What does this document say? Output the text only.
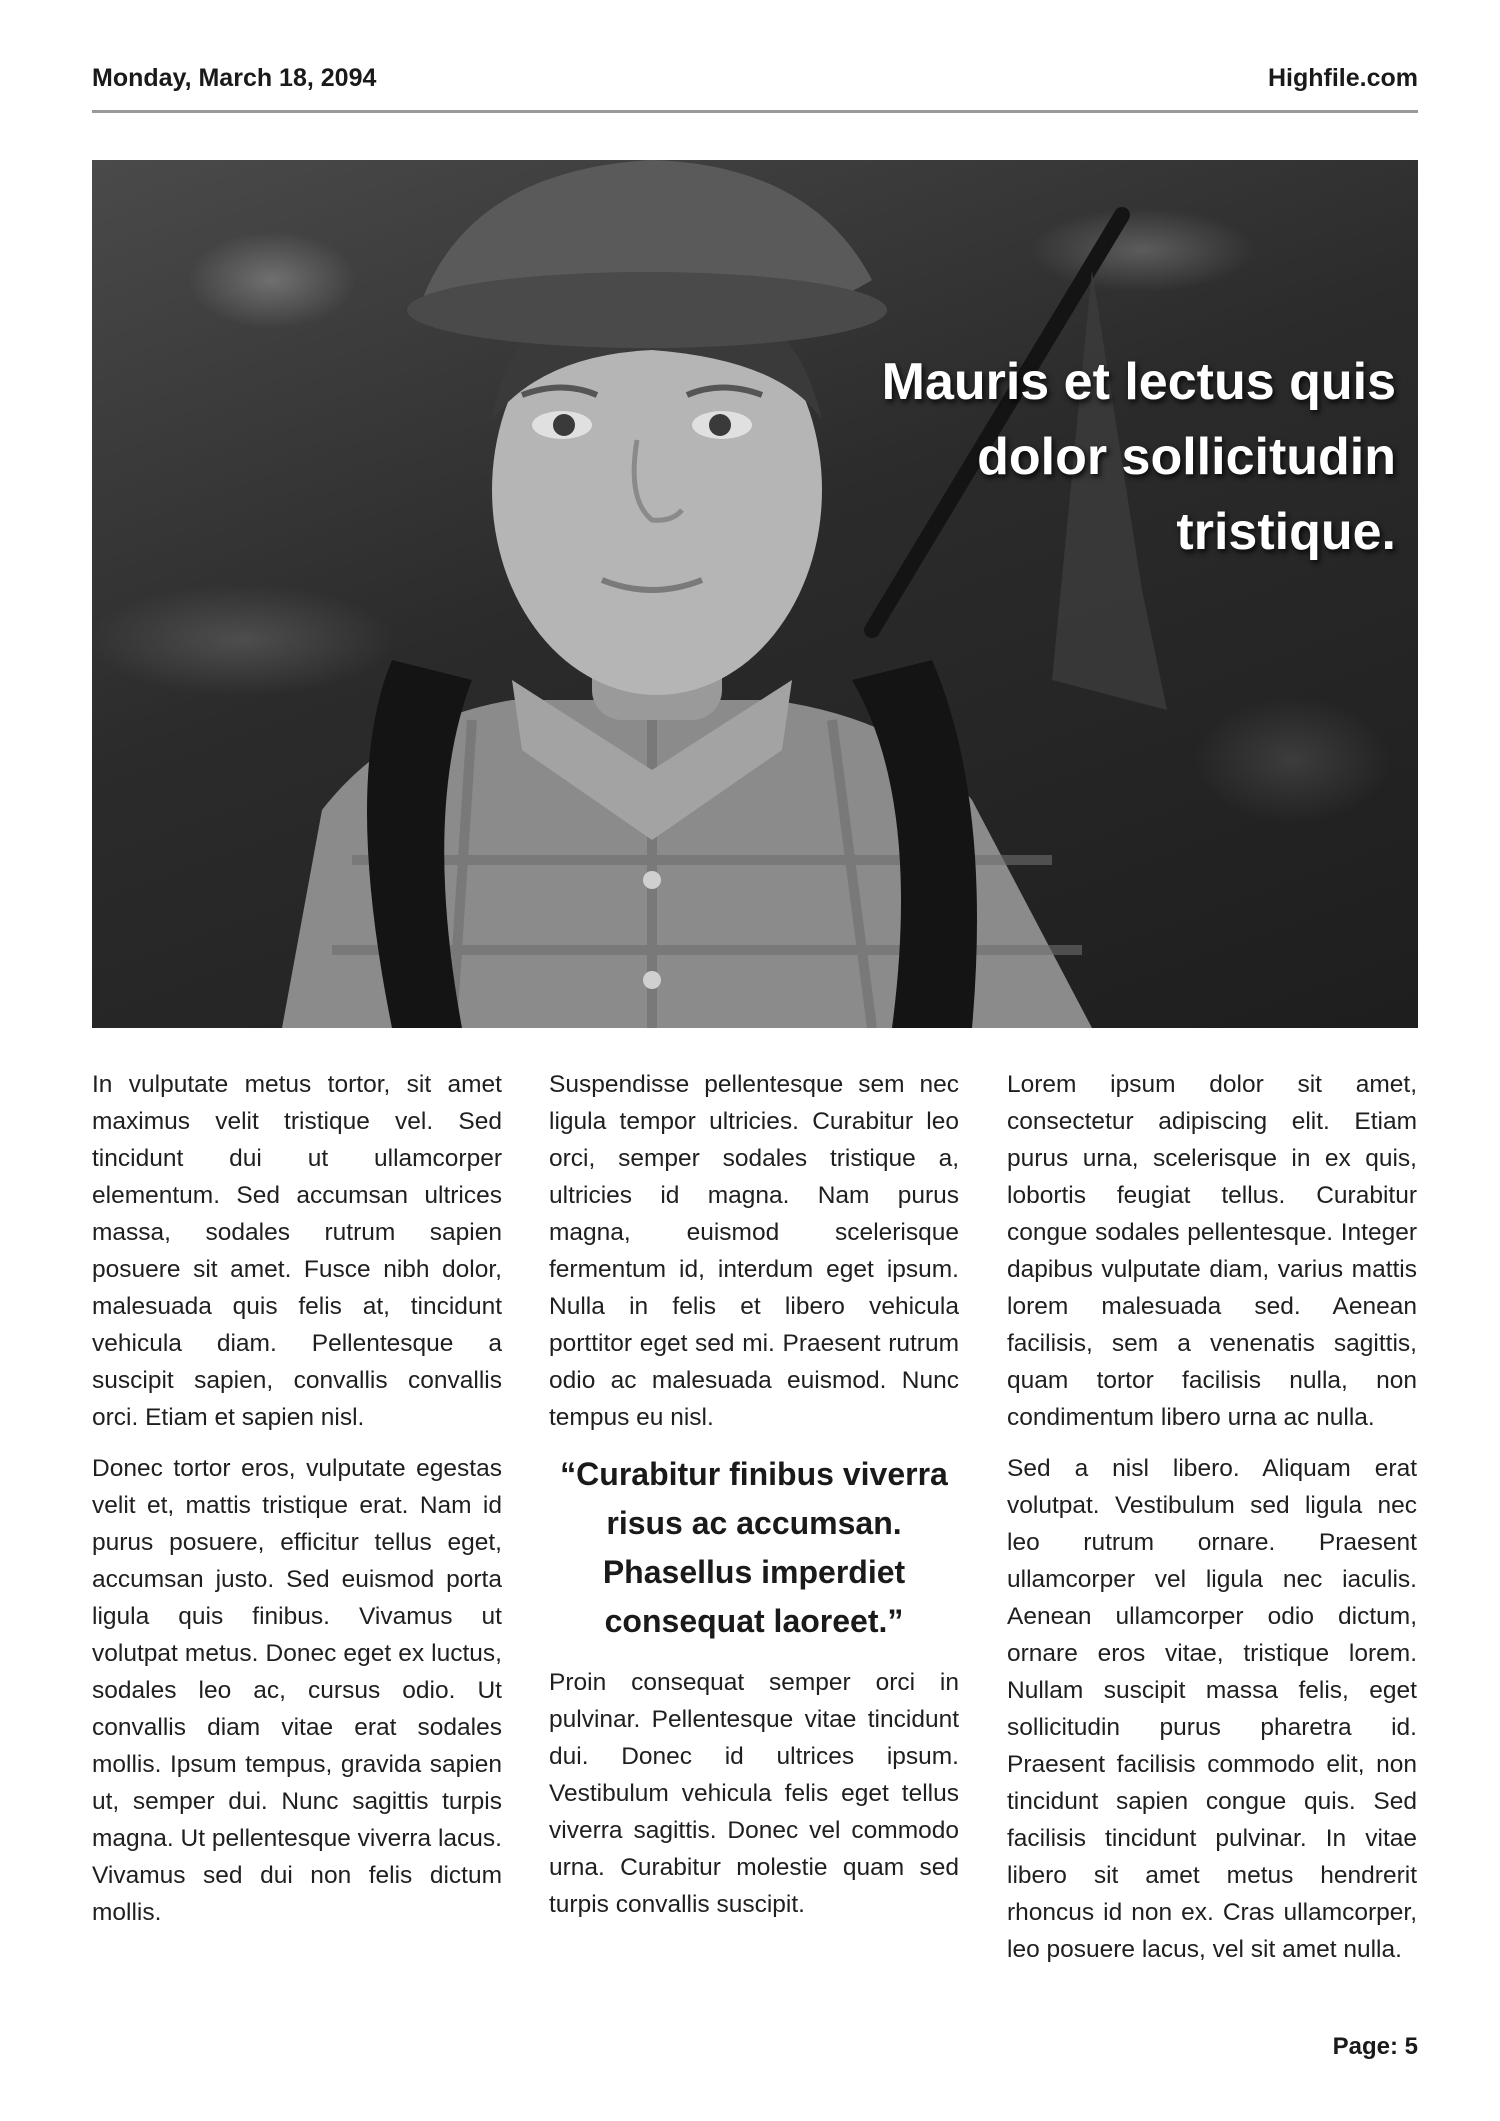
Monday, March 18, 2094	Highfile.com
Mauris et lectus quis dolor sollicitudin tristique.

In vulputate metus tortor, sit amet maximus velit tristique vel. Sed tincidunt dui ut ullamcorper elementum. Sed accumsan ultrices massa, sodales rutrum sapien posuere sit amet. Fusce nibh dolor, malesuada quis felis at, tincidunt vehicula diam. Pellentesque a suscipit sapien, convallis convallis orci. Etiam et sapien nisl.

Donec tortor eros, vulputate egestas velit et, mattis tristique erat. Nam id purus posuere, efficitur tellus eget, accumsan justo. Sed euismod porta ligula quis finibus. Vivamus ut volutpat metus. Donec eget ex luctus, sodales leo ac, cursus odio. Ut convallis diam vitae erat sodales mollis. Ipsum tempus, gravida sapien ut, semper dui. Nunc sagittis turpis magna. Ut pellentesque viverra lacus. Vivamus sed dui non felis dictum mollis.

Suspendisse pellentesque sem nec ligula tempor ultricies. Curabitur leo orci, semper sodales tristique a, ultricies id magna. Nam purus magna, euismod scelerisque fermentum id, interdum eget ipsum. Nulla in felis et libero vehicula porttitor eget sed mi. Praesent rutrum odio ac malesuada euismod. Nunc tempus eu nisl.

“Curabitur finibus viverra risus ac accumsan. Phasellus imperdiet consequat laoreet.”

Proin consequat semper orci in pulvinar. Pellentesque vitae tincidunt dui. Donec id ultrices ipsum. Vestibulum vehicula felis eget tellus viverra sagittis. Donec vel commodo urna. Curabitur molestie quam sed turpis convallis suscipit.

Lorem ipsum dolor sit amet, consectetur adipiscing elit. Etiam purus urna, scelerisque in ex quis, lobortis feugiat tellus. Curabitur congue sodales pellentesque. Integer dapibus vulputate diam, varius mattis lorem malesuada sed. Aenean facilisis, sem a venenatis sagittis, quam tortor facilisis nulla, non condimentum libero urna ac nulla.

Sed a nisl libero. Aliquam erat volutpat. Vestibulum sed ligula nec leo rutrum ornare. Praesent ullamcorper vel ligula nec iaculis. Aenean ullamcorper odio dictum, ornare eros vitae, tristique lorem. Nullam suscipit massa felis, eget sollicitudin purus pharetra id. Praesent facilisis commodo elit, non tincidunt sapien congue quis. Sed facilisis tincidunt pulvinar. In vitae libero sit amet metus hendrerit rhoncus id non ex. Cras ullamcorper, leo posuere lacus, vel sit amet nulla.

Page: 5
